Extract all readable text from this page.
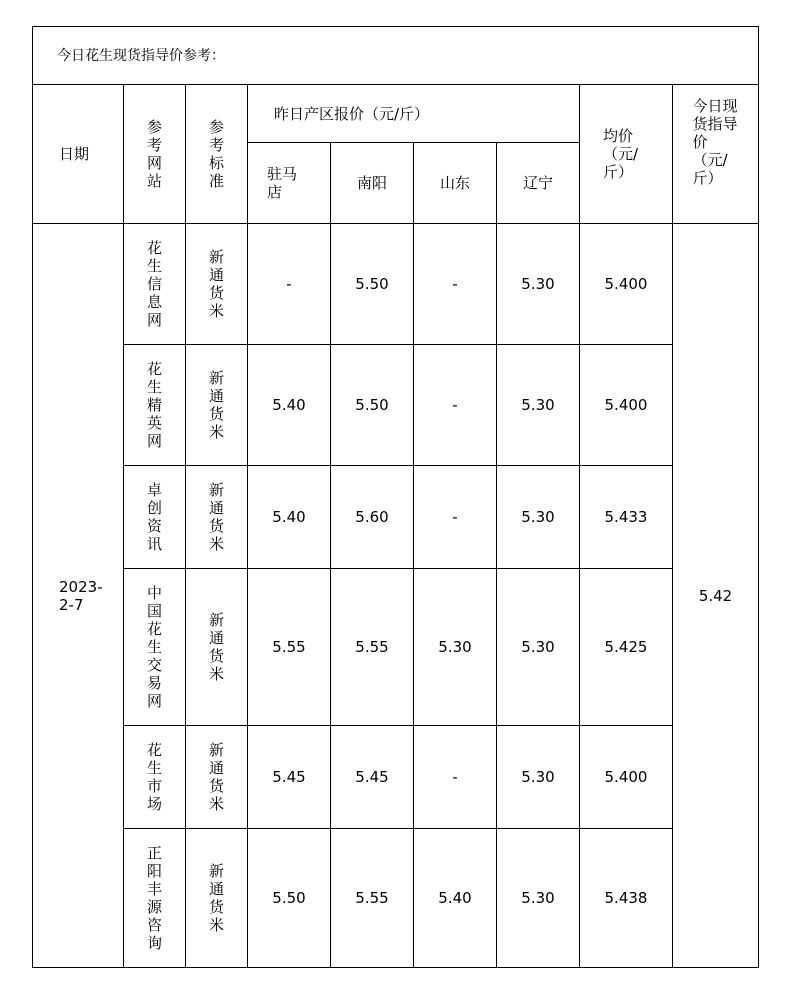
今日花生现货指导价参考：								
日期	参考网站	参考标准	昨日产区报价（元/斤）				均价（元/斤）	今日现货指导价（元/斤）
			驻马店	南阳	山东	辽宁		
2023-2-7	花生信息网	新通货米	-	5.50	-	5.30	5.400	5.42
	花生精英网	新通货米	5.40	5.50	-	5.30	5.400	
	卓创资讯	新通货米	5.40	5.60	-	5.30	5.433	
	中国花生交易网	新通货米	5.55	5.55	5.30	5.30	5.425	
	花生市场	新通货米	5.45	5.45	-	5.30	5.400	
	正阳丰源咨询	新通货米	5.50	5.55	5.40	5.30	5.438	
